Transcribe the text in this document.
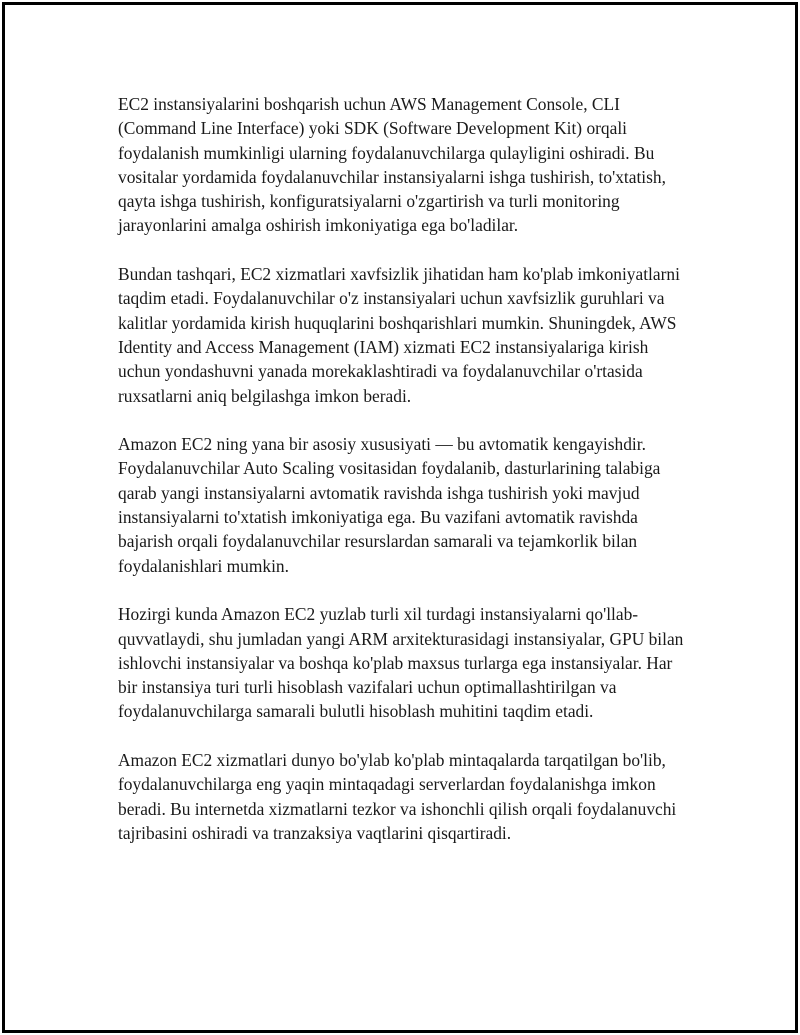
EC2 instansiyalarini boshqarish uchun AWS Management Console, CLI (Command Line Interface) yoki SDK (Software Development Kit) orqali foydalanish mumkinligi ularning foydalanuvchilarga qulayligini oshiradi. Bu vositalar yordamida foydalanuvchilar instansiyalarni ishga tushirish, to'xtatish, qayta ishga tushirish, konfiguratsiyalarni o'zgartirish va turli monitoring jarayonlarini amalga oshirish imkoniyatiga ega bo'ladilar.

Bundan tashqari, EC2 xizmatlari xavfsizlik jihatidan ham ko'plab imkoniyatlarni taqdim etadi. Foydalanuvchilar o'z instansiyalari uchun xavfsizlik guruhlari va kalitlar yordamida kirish huquqlarini boshqarishlari mumkin. Shuningdek, AWS Identity and Access Management (IAM) xizmati EC2 instansiyalariga kirish uchun yondashuvni yanada morekaklashtiradi va foydalanuvchilar o'rtasida ruxsatlarni aniq belgilashga imkon beradi.

Amazon EC2 ning yana bir asosiy xususiyati — bu avtomatik kengayishdir. Foydalanuvchilar Auto Scaling vositasidan foydalanib, dasturlarining talabiga qarab yangi instansiyalarni avtomatik ravishda ishga tushirish yoki mavjud instansiyalarni to'xtatish imkoniyatiga ega. Bu vazifani avtomatik ravishda bajarish orqali foydalanuvchilar resurslardan samarali va tejamkorlik bilan foydalanishlari mumkin.

Hozirgi kunda Amazon EC2 yuzlab turli xil turdagi instansiyalarni qo'llab-quvvatlaydi, shu jumladan yangi ARM arxitekturasidagi instansiyalar, GPU bilan ishlovchi instansiyalar va boshqa ko'plab maxsus turlarga ega instansiyalar. Har bir instansiya turi turli hisoblash vazifalari uchun optimallashtirilgan va foydalanuvchilarga samarali bulutli hisoblash muhitini taqdim etadi.

Amazon EC2 xizmatlari dunyo bo'ylab ko'plab mintaqalarda tarqatilgan bo'lib, foydalanuvchilarga eng yaqin mintaqadagi serverlardan foydalanishga imkon beradi. Bu internetda xizmatlarni tezkor va ishonchli qilish orqali foydalanuvchi tajribasini oshiradi va tranzaksiya vaqtlarini qisqartiradi.
